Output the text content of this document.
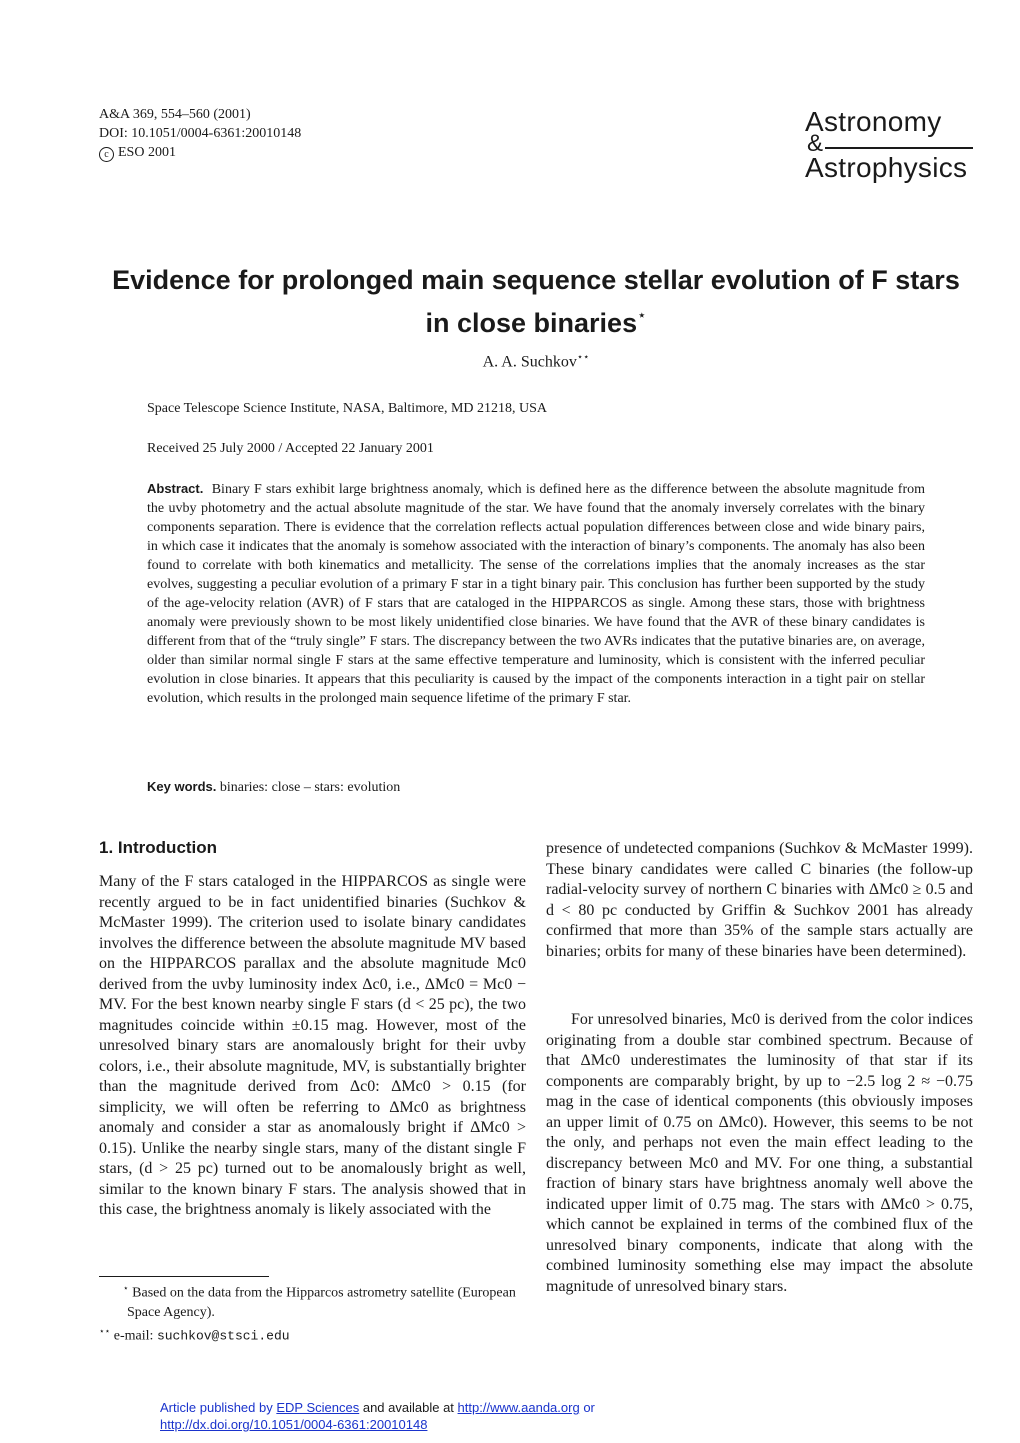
A&A 369, 554–560 (2001)
DOI: 10.1051/0004-6361:20010148
c ESO 2001
Astronomy
&
Astrophysics
Evidence for prolonged main sequence stellar evolution of F stars
in close binaries⋆
A. A. Suchkov⋆⋆
Space Telescope Science Institute, NASA, Baltimore, MD 21218, USA
Received 25 July 2000 / Accepted 22 January 2001
Abstract. Binary F stars exhibit large brightness anomaly, which is defined here as the difference between the absolute magnitude from the uvby photometry and the actual absolute magnitude of the star. We have found that the anomaly inversely correlates with the binary components separation. There is evidence that the correlation reflects actual population differences between close and wide binary pairs, in which case it indicates that the anomaly is somehow associated with the interaction of binary’s components. The anomaly has also been found to correlate with both kinematics and metallicity. The sense of the correlations implies that the anomaly increases as the star evolves, suggesting a peculiar evolution of a primary F star in a tight binary pair. This conclusion has further been supported by the study of the age-velocity relation (AVR) of F stars that are cataloged in the HIPPARCOS as single. Among these stars, those with brightness anomaly were previously shown to be most likely unidentified close binaries. We have found that the AVR of these binary candidates is different from that of the “truly single” F stars. The discrepancy between the two AVRs indicates that the putative binaries are, on average, older than similar normal single F stars at the same effective temperature and luminosity, which is consistent with the inferred peculiar evolution in close binaries. It appears that this peculiarity is caused by the impact of the components interaction in a tight pair on stellar evolution, which results in the prolonged main sequence lifetime of the primary F star.
Key words. binaries: close – stars: evolution
1. Introduction

Many of the F stars cataloged in the HIPPARCOS as single were recently argued to be in fact unidentified binaries (Suchkov & McMaster 1999). The criterion used to isolate binary candidates involves the difference between the absolute magnitude MV based on the HIPPARCOS parallax and the absolute magnitude Mc0 derived from the uvby luminosity index Δc0, i.e., ΔMc0 = Mc0 − MV. For the best known nearby single F stars (d < 25 pc), the two magnitudes coincide within ±0.15 mag. However, most of the unresolved binary stars are anomalously bright for their uvby colors, i.e., their absolute magnitude, MV, is substantially brighter than the magnitude derived from Δc0: ΔMc0 > 0.15 (for simplicity, we will often be referring to ΔMc0 as brightness anomaly and consider a star as anomalously bright if ΔMc0 > 0.15). Unlike the nearby single stars, many of the distant single F stars, (d > 25 pc) turned out to be anomalously bright as well, similar to the known binary F stars. The analysis showed that in this case, the brightness anomaly is likely associated with the

presence of undetected companions (Suchkov & McMaster 1999). These binary candidates were called C binaries (the follow-up radial-velocity survey of northern C binaries with ΔMc0 ≥ 0.5 and d < 80 pc conducted by Griffin & Suchkov 2001 has already confirmed that more than 35% of the sample stars actually are binaries; orbits for many of these binaries have been determined).

For unresolved binaries, Mc0 is derived from the color indices originating from a double star combined spectrum. Because of that ΔMc0 underestimates the luminosity of that star if its components are comparably bright, by up to −2.5 log 2 ≈ −0.75 mag in the case of identical components (this obviously imposes an upper limit of 0.75 on ΔMc0). However, this seems to be not the only, and perhaps not even the main effect leading to the discrepancy between Mc0 and MV. For one thing, a substantial fraction of binary stars have brightness anomaly well above the indicated upper limit of 0.75 mag. The stars with ΔMc0 > 0.75, which cannot be explained in terms of the combined flux of the unresolved binary components, indicate that along with the combined luminosity something else may impact the absolute magnitude of unresolved binary stars.
⋆ Based on the data from the Hipparcos astrometry satellite (European Space Agency).
⋆⋆ e-mail: suchkov@stsci.edu
Article published by EDP Sciences and available at http://www.aanda.org or
http://dx.doi.org/10.1051/0004-6361:20010148
